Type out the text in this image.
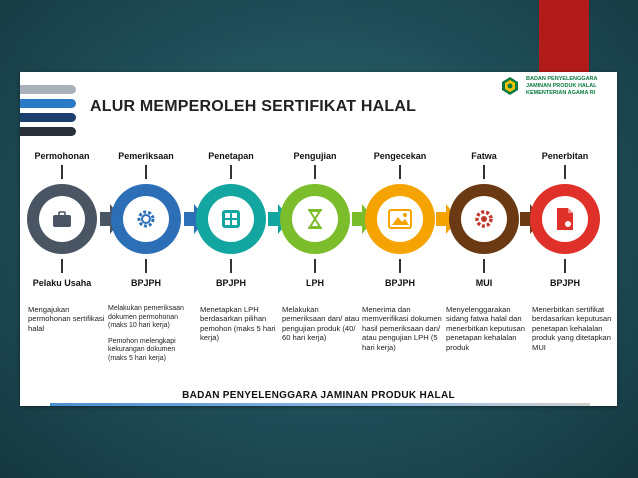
ALUR MEMPEROLEH SERTIFIKAT HALAL
BADAN PENYELENGGARA
JAMINAN PRODUK HALAL
KEMENTERIAN AGAMA RI
Permohonan
Pelaku Usaha
Mengajukan permohonan sertifikasi halal
Pemeriksaan
BPJPH
Melakukan pemeriksaan dokumen permohonan (maks 10 hari kerja)
Pemohon melengkapi kekurangan dokumen (maks 5 hari kerja)
Penetapan
BPJPH
Menetapkan LPH berdasarkan pilihan pemohon (maks 5 hari kerja)
Pengujian
LPH
Melakukan pemeriksaan dan/ atau pengujian produk (40/ 60 hari kerja)
Pengecekan
BPJPH
Menerima dan memverifikasi dokumen hasil pemeriksaan dan/ atau pengujian LPH (5 hari kerja)
Fatwa
MUI
Menyelenggarakan sidang fatwa halal dan menerbitkan keputusan penetapan kehalalan produk
Penerbitan
BPJPH
Menerbitkan sertifikat berdasarkan keputusan penetapan kehalalan produk yang ditetapkan MUI
BADAN PENYELENGGARA JAMINAN PRODUK HALAL
